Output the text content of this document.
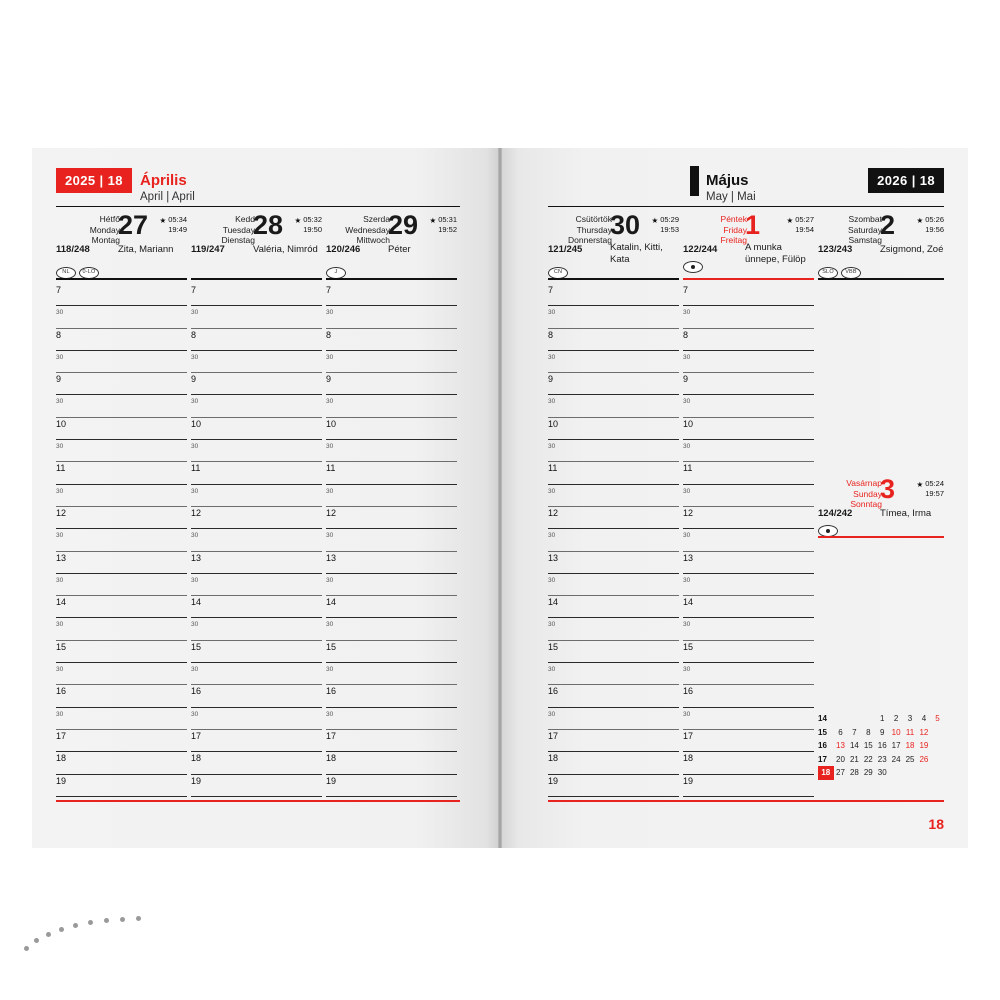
2025 | 18	2026 | 18
Április
April | April
Május
May | Mai
18
Hétfő
Monday
Montag
27 ★ 05:34
19:49
118/248	Zita, Mariann
NL 0-LO
7
30
8
30
9
30
10
30
11
30
12
30
13
30
14
30
15
30
16
30
17
18
19
Kedd
Tuesday
Dienstag
28 ★ 05:32
19:50
119/247	Valéria, Nimród
7
30
8
30
9
30
10
30
11
30
12
30
13
30
14
30
15
30
16
30
17
18
19
Szerda
Wednesday
Mittwoch
29 ★ 05:31
19:52
120/246	Péter
J
7
30
8
30
9
30
10
30
11
30
12
30
13
30
14
30
15
30
16
30
17
18
19
Csütörtök
Thursday
Donnerstag
30 ★ 05:29
19:53
121/245	Katalin, Kitti, Kata
CN
7
30
8
30
9
30
10
30
11
30
12
30
13
30
14
30
15
30
16
30
17
18
19
Péntek
Friday
Freitag
1	★ 05:27
19:54
122/244	A munka ünnepe, Fülöp
7
30
8
30
9
30
10
30
11
30
12
30
13
30
14
30
15
30
16
30
17
18
19
Szombat
Saturday
Samstag
2	★ 05:26
19:56
123/243	Zsigmond, Zoé
SLO VBB
Vasárnap
Sunday
Sonntag
3	★ 05:24
19:57
124/242	Tímea, Irma
14				1	2	3	4	5
15	6	7	8	9	10	11	12	
16	13	14	15	16	17	18	19	
17	20	21	22	23	24	25	26	
18	27	28	29	30				
